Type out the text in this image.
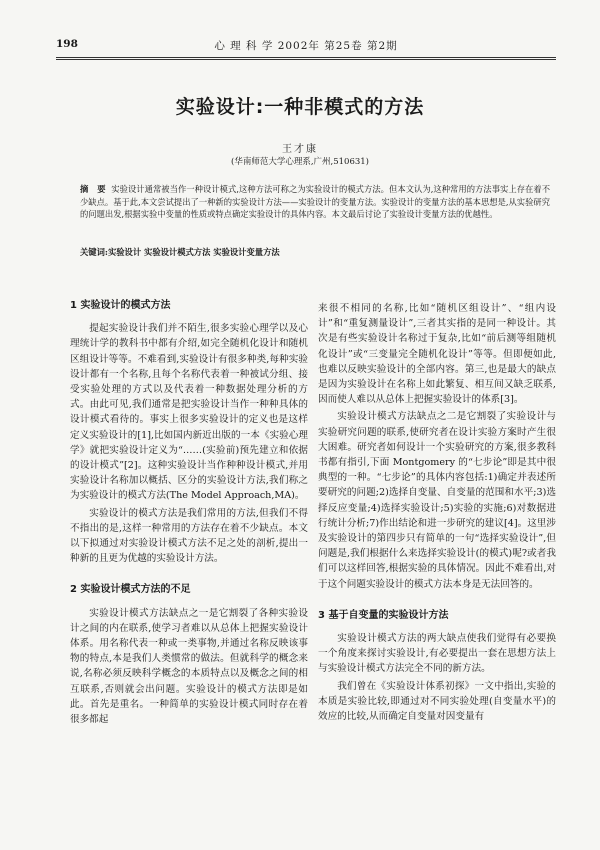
198	心 理 科 学 2002年 第25卷 第2期
实验设计:一种非模式的方法
王才康
(华南师范大学心理系,广州,510631)
摘 要 实验设计通常被当作一种设计模式,这种方法可称之为实验设计的模式方法。但本文认为,这种常用的方法事实上存在着不少缺点。基于此,本文尝试提出了一种新的实验设计方法——实验设计的变量方法。实验设计的变量方法的基本思想是,从实验研究的问题出发,根据实验中变量的性质或特点确定实验设计的具体内容。本文最后讨论了实验设计变量方法的优越性。
关键词:实验设计 实验设计模式方法 实验设计变量方法
1 实验设计的模式方法

提起实验设计我们并不陌生,很多实验心理学以及心理统计学的教科书中都有介绍,如完全随机化设计和随机区组设计等等。不难看到,实验设计有很多种类,每种实验设计都有一个名称,且每个名称代表着一种被试分组、接受实验处理的方式以及代表着一种数据处理分析的方式。由此可见,我们通常是把实验设计当作一种种具体的设计模式看待的。事实上很多实验设计的定义也是这样定义实验设计的[1],比如国内新近出版的一本《实验心理学》就把实验设计定义为“……(实验前)预先建立和依据的设计模式”[2]。这种实验设计当作种种设计模式,并用实验设计名称加以概括、区分的实验设计方法,我们称之为实验设计的模式方法(The Model Approach,MA)。

实验设计的模式方法是我们常用的方法,但我们不得不指出的是,这样一种常用的方法存在着不少缺点。本文以下拟通过对实验设计模式方法不足之处的剖析,提出一种新的且更为优越的实验设计方法。

2 实验设计模式方法的不足

实验设计模式方法缺点之一是它割裂了各种实验设计之间的内在联系,使学习者难以从总体上把握实验设计体系。用名称代表一种或一类事物,并通过名称反映该事物的特点,本是我们人类惯常的做法。但就科学的概念来说,名称必须反映科学概念的本质特点以及概念之间的相互联系,否则就会出问题。实验设计的模式方法即是如此。首先是重名。一种简单的实验设计模式同时存在着很多都起

来很不相同的名称,比如“随机区组设计”、“组内设计”和“重复测量设计”,三者其实指的是同一种设计。其次是有些实验设计名称过于复杂,比如“前后测等组随机化设计”或“三变量完全随机化设计”等等。但即便如此,也难以反映实验设计的全部内容。第三,也是最大的缺点是因为实验设计在名称上如此繁复、相互间又缺乏联系,因而使人难以从总体上把握实验设计的体系[3]。

实验设计模式方法缺点之二是它割裂了实验设计与实验研究问题的联系,使研究者在设计实验方案时产生很大困难。研究者如何设计一个实验研究的方案,很多教科书都有指引,下面 Montgomery 的“七步论”即是其中很典型的一种。“七步论”的具体内容包括:1)确定并表述所要研究的问题;2)选择自变量、自变量的范围和水平;3)选择反应变量;4)选择实验设计;5)实验的实施;6)对数据进行统计分析;7)作出结论和进一步研究的建议[4]。这里涉及实验设计的第四步只有简单的一句“选择实验设计”,但问题是,我们根据什么来选择实验设计(的模式)呢?或者我们可以这样回答,根据实验的具体情况。因此不难看出,对于这个问题实验设计的模式方法本身是无法回答的。

3 基于自变量的实验设计方法

实验设计模式方法的两大缺点使我们觉得有必要换一个角度来探讨实验设计,有必要提出一套在思想方法上与实验设计模式方法完全不同的新方法。

我们曾在《实验设计体系初探》一文中指出,实验的本质是实验比较,即通过对不同实验处理(自变量水平)的效应的比较,从而确定自变量对因变量有
